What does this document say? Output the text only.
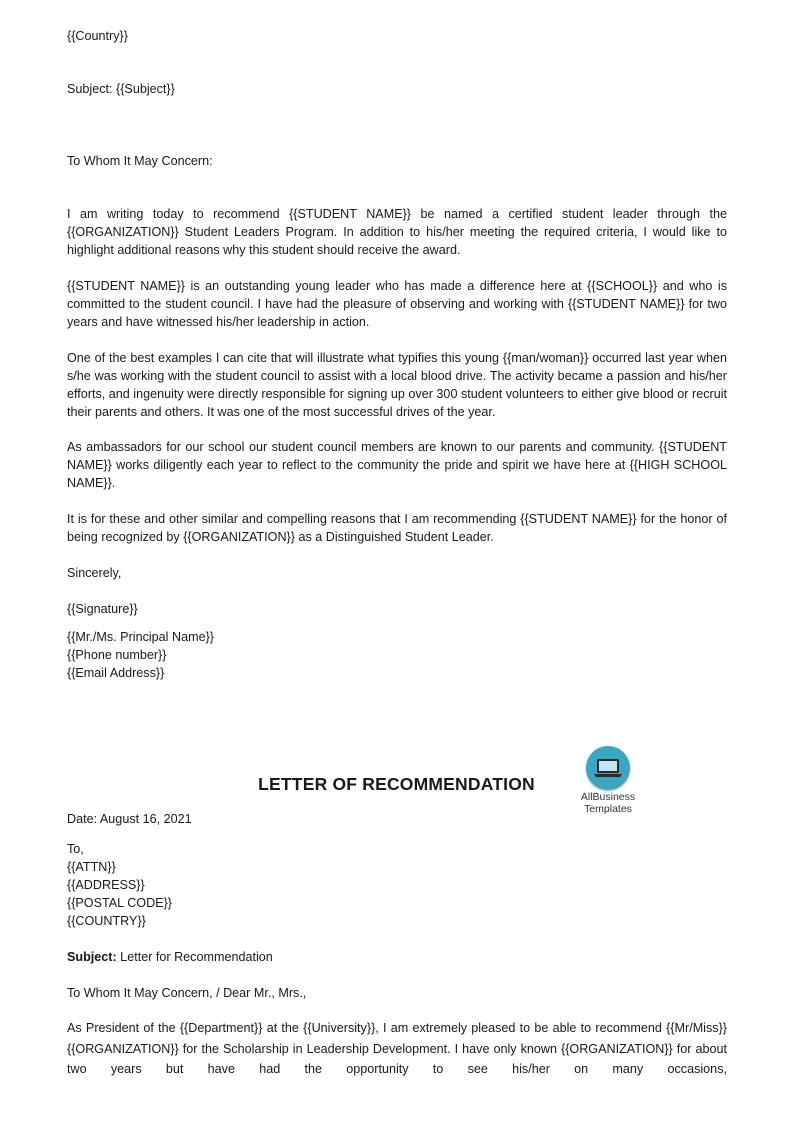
{{Country}}

Subject: {{Subject}}

To Whom It May Concern:

I am writing today to recommend {{STUDENT NAME}} be named a certified student leader through the {{ORGANIZATION}} Student Leaders Program. In addition to his/her meeting the required criteria, I would like to highlight additional reasons why this student should receive the award.

{{STUDENT NAME}} is an outstanding young leader who has made a difference here at {{SCHOOL}} and who is committed to the student council. I have had the pleasure of observing and working with {{STUDENT NAME}} for two years and have witnessed his/her leadership in action.

One of the best examples I can cite that will illustrate what typifies this young {{man/woman}} occurred last year when s/he was working with the student council to assist with a local blood drive. The activity became a passion and his/her efforts, and ingenuity were directly responsible for signing up over 300 student volunteers to either give blood or recruit their parents and others. It was one of the most successful drives of the year.

As ambassadors for our school our student council members are known to our parents and community. {{STUDENT NAME}} works diligently each year to reflect to the community the pride and spirit we have here at {{HIGH SCHOOL NAME}}.

It is for these and other similar and compelling reasons that I am recommending {{STUDENT NAME}} for the honor of being recognized by {{ORGANIZATION}} as a Distinguished Student Leader.

Sincerely,

{{Signature}}

{{Mr./Ms. Principal Name}}

{{Phone number}}

{{Email Address}}

LETTER OF RECOMMENDATION
AllBusiness
Templates

Date: August 16, 2021

To,

{{ATTN}}

{{ADDRESS}}

{{POSTAL CODE}}

{{COUNTRY}}

Subject: Letter for Recommendation

To Whom It May Concern, / Dear Mr., Mrs.,

As President of the {{Department}} at the {{University}}, I am extremely pleased to be able to recommend {{Mr/Miss}} {{ORGANIZATION}} for the Scholarship in Leadership Development. I have only known {{ORGANIZATION}} for about two years but have had the opportunity to see his/her on many occasions,
